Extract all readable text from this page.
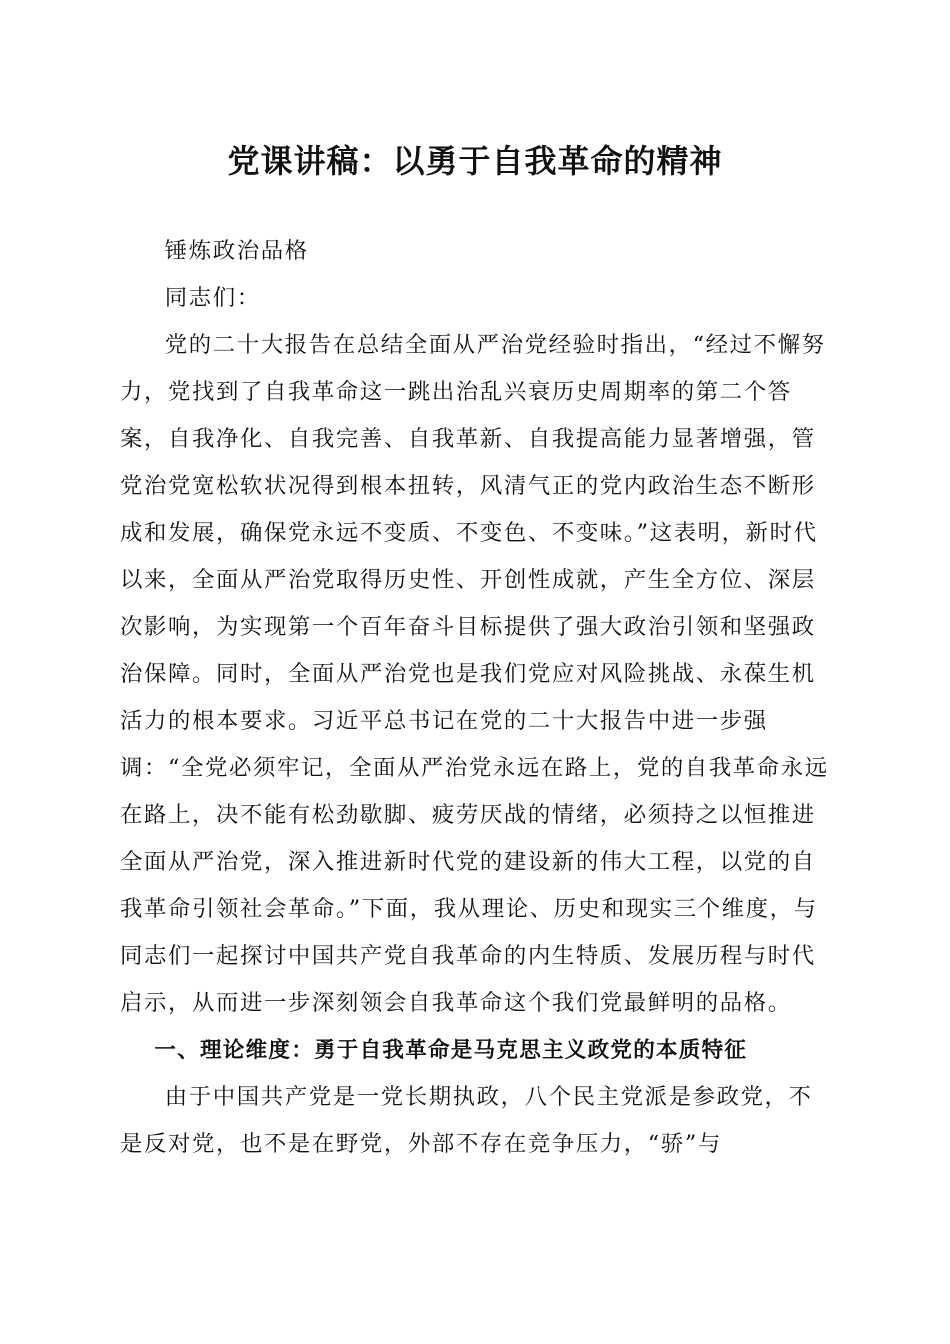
党课讲稿：以勇于自我革命的精神

锤炼政治品格

同志们：

党的二十大报告在总结全面从严治党经验时指出，“经过不懈努力，党找到了自我革命这一跳出治乱兴衰历史周期率的第二个答案，自我净化、自我完善、自我革新、自我提高能力显著增强，管党治党宽松软状况得到根本扭转，风清气正的党内政治生态不断形成和发展，确保党永远不变质、不变色、不变味。”这表明，新时代以来，全面从严治党取得历史性、开创性成就，产生全方位、深层次影响，为实现第一个百年奋斗目标提供了强大政治引领和坚强政治保障。同时，全面从严治党也是我们党应对风险挑战、永葆生机活力的根本要求。习近平总书记在党的二十大报告中进一步强调：“全党必须牢记，全面从严治党永远在路上，党的自我革命永远在路上，决不能有松劲歇脚、疲劳厌战的情绪，必须持之以恒推进全面从严治党，深入推进新时代党的建设新的伟大工程，以党的自我革命引领社会革命。”下面，我从理论、历史和现实三个维度，与同志们一起探讨中国共产党自我革命的内生特质、发展历程与时代启示，从而进一步深刻领会自我革命这个我们党最鲜明的品格。

一、理论维度：勇于自我革命是马克思主义政党的本质特征

由于中国共产党是一党长期执政，八个民主党派是参政党，不是反对党，也不是在野党，外部不存在竞争压力，“骄”与
